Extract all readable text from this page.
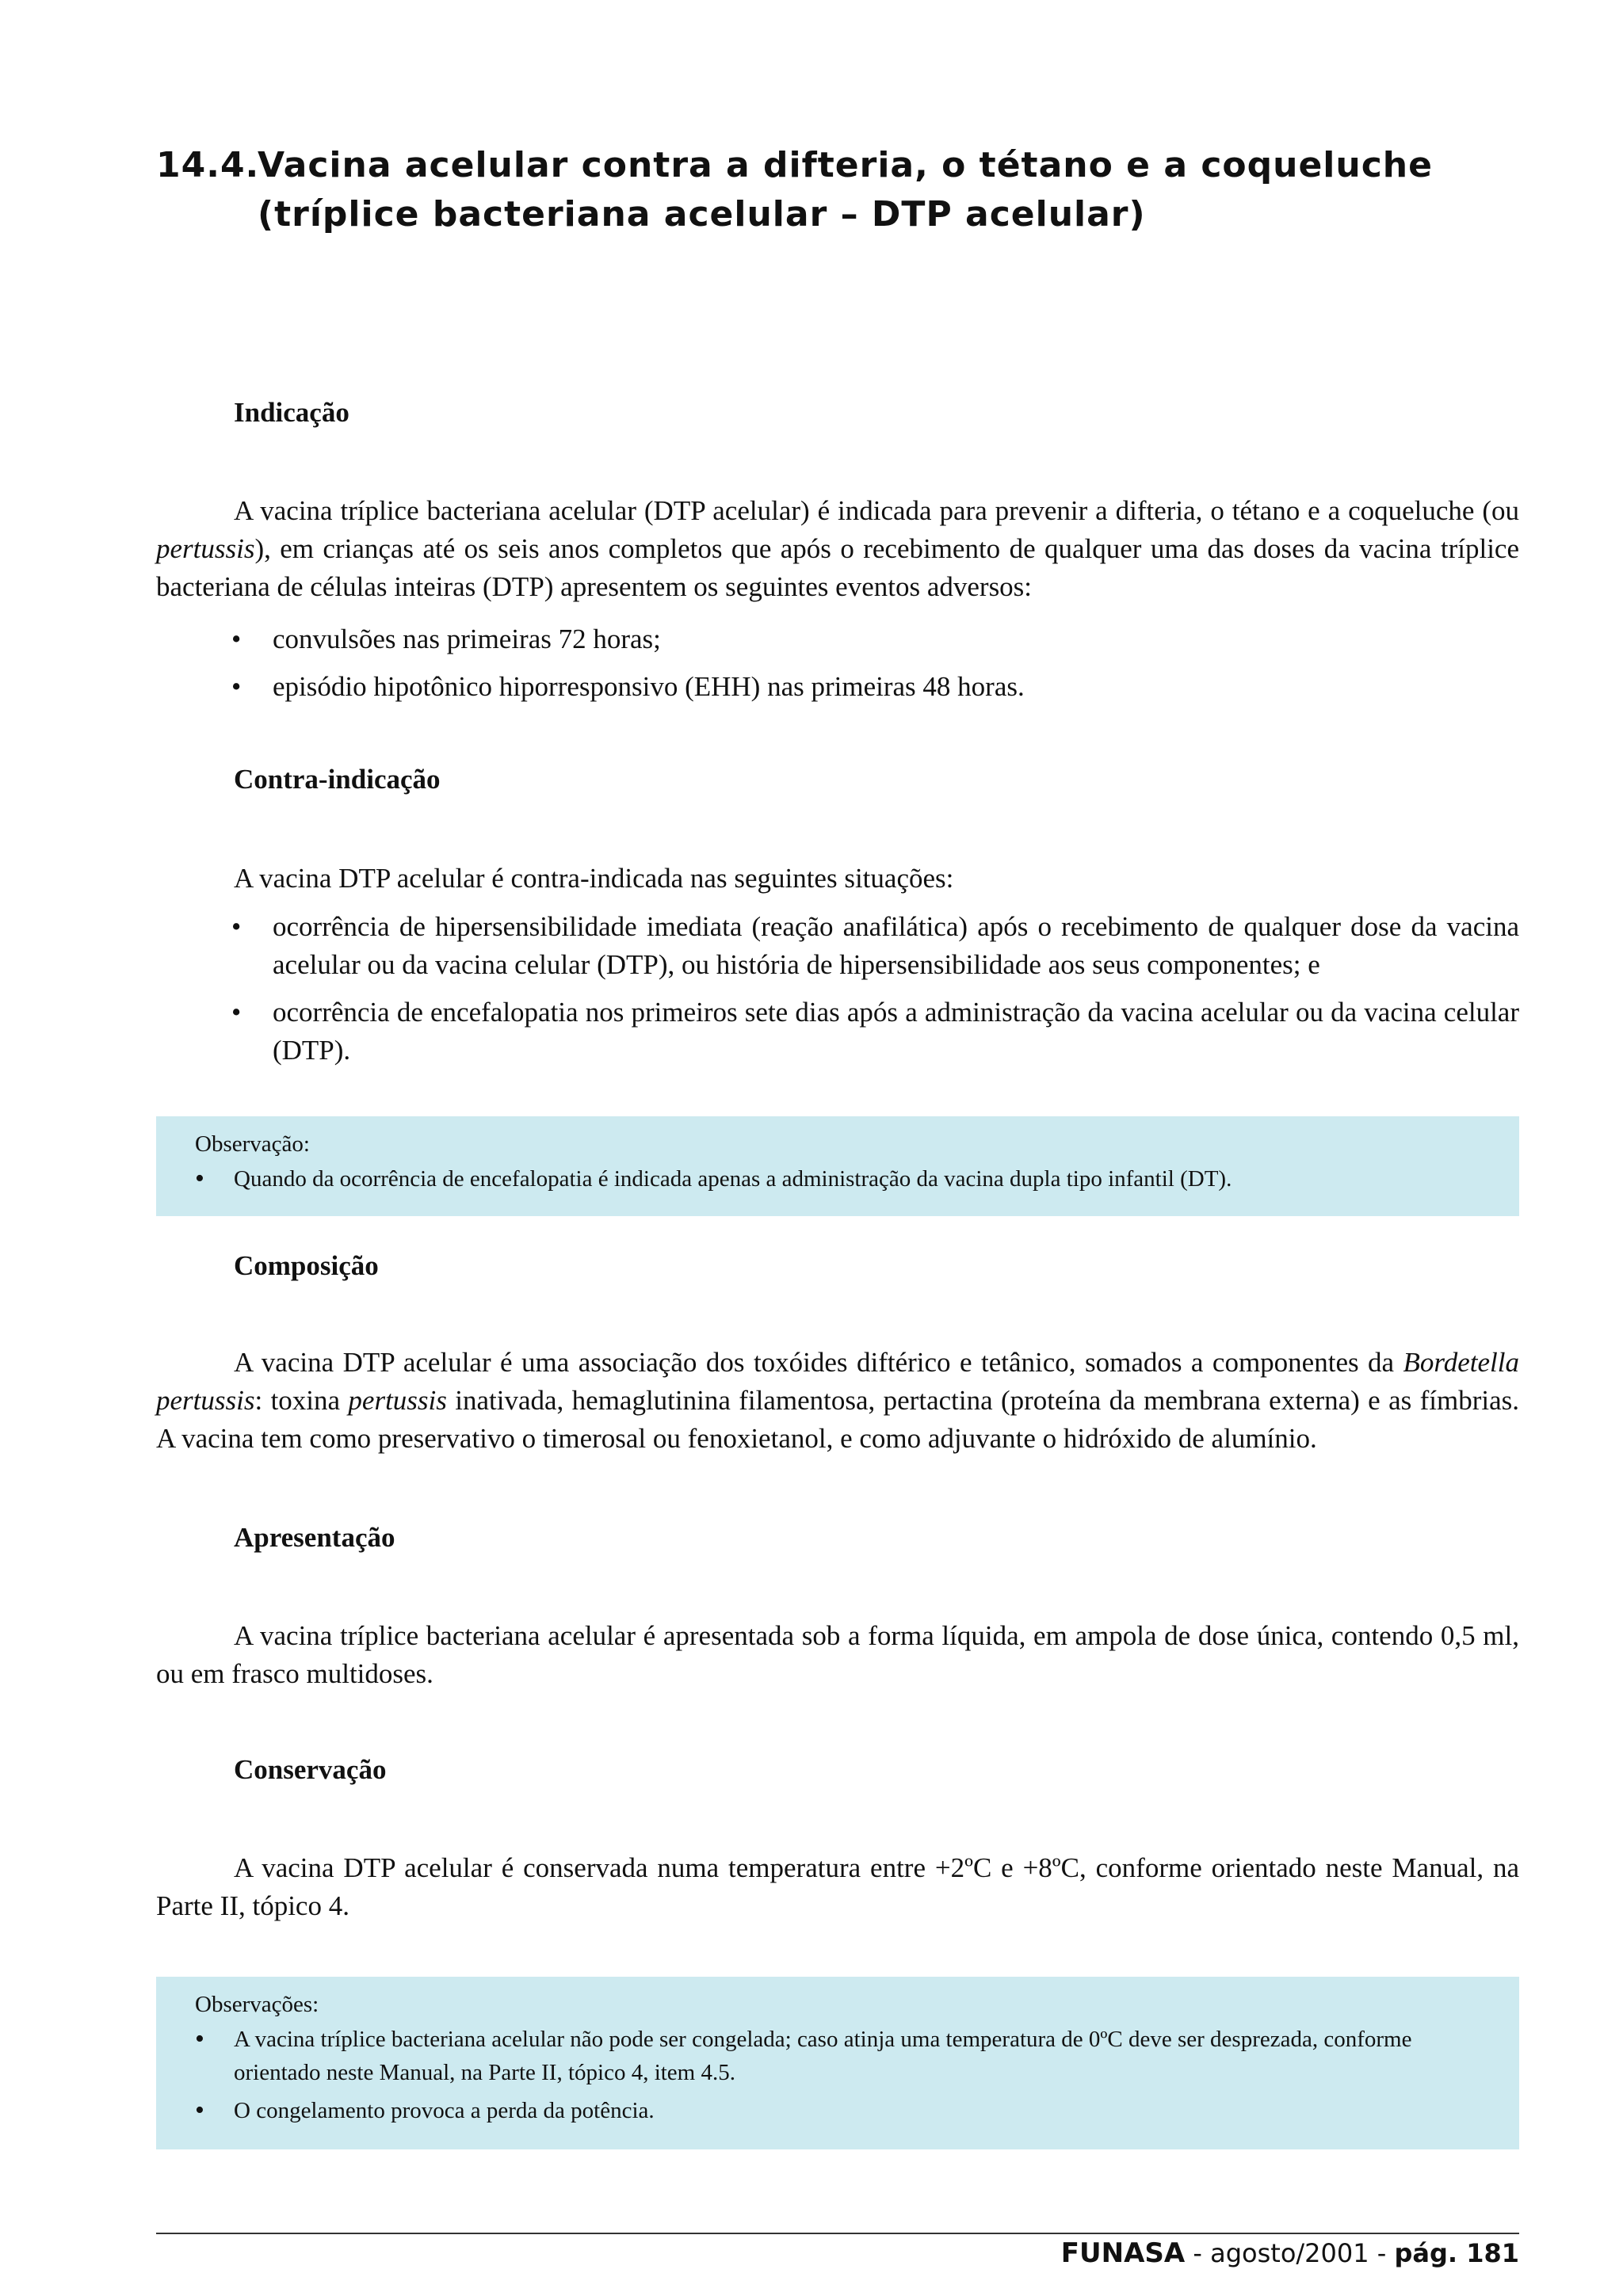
14.4.Vacina acelular contra a difteria, o tétano e a coqueluche
(tríplice bacteriana acelular – DTP acelular)
Indicação

A vacina tríplice bacteriana acelular (DTP acelular) é indicada para prevenir a difteria, o tétano e a coqueluche (ou pertussis), em crianças até os seis anos completos que após o recebimento de qualquer uma das doses da vacina tríplice bacteriana de células inteiras (DTP) apresentem os seguintes eventos adversos:

• convulsões nas primeiras 72 horas;
• episódio hipotônico hiporresponsivo (EHH) nas primeiras 48 horas.
Contra-indicação

A vacina DTP acelular é contra-indicada nas seguintes situações:

• ocorrência de hipersensibilidade imediata (reação anafilática) após o recebimento de qualquer dose da vacina acelular ou da vacina celular (DTP), ou história de hipersensibilidade aos seus componentes; e
• ocorrência de encefalopatia nos primeiros sete dias após a administração da vacina acelular ou da vacina celular (DTP).

Observação:

• Quando da ocorrência de encefalopatia é indicada apenas a administração da vacina dupla tipo infantil (DT).
Composição

A vacina DTP acelular é uma associação dos toxóides diftérico e tetânico, somados a componentes da Bordetella pertussis: toxina pertussis inativada, hemaglutinina filamentosa, pertactina (proteína da membrana externa) e as fímbrias. A vacina tem como preservativo o timerosal ou fenoxietanol, e como adjuvante o hidróxido de alumínio.

Apresentação

A vacina tríplice bacteriana acelular é apresentada sob a forma líquida, em ampola de dose única, contendo 0,5 ml, ou em frasco multidoses.

Conservação

A vacina DTP acelular é conservada numa temperatura entre +2ºC e +8ºC, conforme orientado neste Manual, na Parte II, tópico 4.

Observações:

• A vacina tríplice bacteriana acelular não pode ser congelada; caso atinja uma temperatura de 0ºC deve ser desprezada, conforme orientado neste Manual, na Parte II, tópico 4, item 4.5.
• O congelamento provoca a perda da potência.

FUNASA - agosto/2001 - pág. 181
